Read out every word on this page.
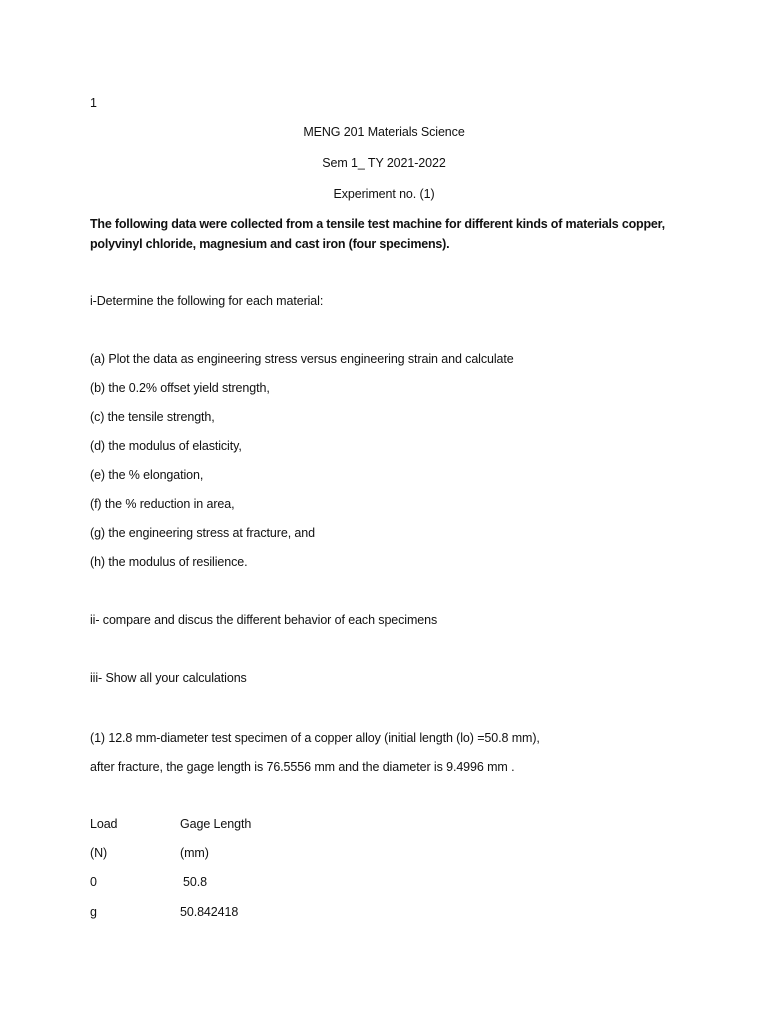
1
MENG 201 Materials Science
Sem 1_ TY 2021-2022
Experiment no. (1)
The following data were collected from a tensile test machine for different kinds of materials copper, polyvinyl chloride, magnesium and cast iron (four specimens).
i-Determine the following for each material:
(a) Plot the data as engineering stress versus engineering strain and calculate
(b) the 0.2% offset yield strength,
(c) the tensile strength,
(d) the modulus of elasticity,
(e) the % elongation,
(f) the % reduction in area,
(g) the engineering stress at fracture, and
(h) the modulus of resilience.
ii- compare and discus the different behavior of each specimens
iii- Show all your calculations
(1) 12.8 mm-diameter test specimen of a copper alloy (initial length (lo) =50.8 mm),
after fracture, the gage length is 76.5556 mm and the diameter is 9.4996 mm .
Load	Gage Length
(N)	(mm)
0	50.8
g	50.842418
